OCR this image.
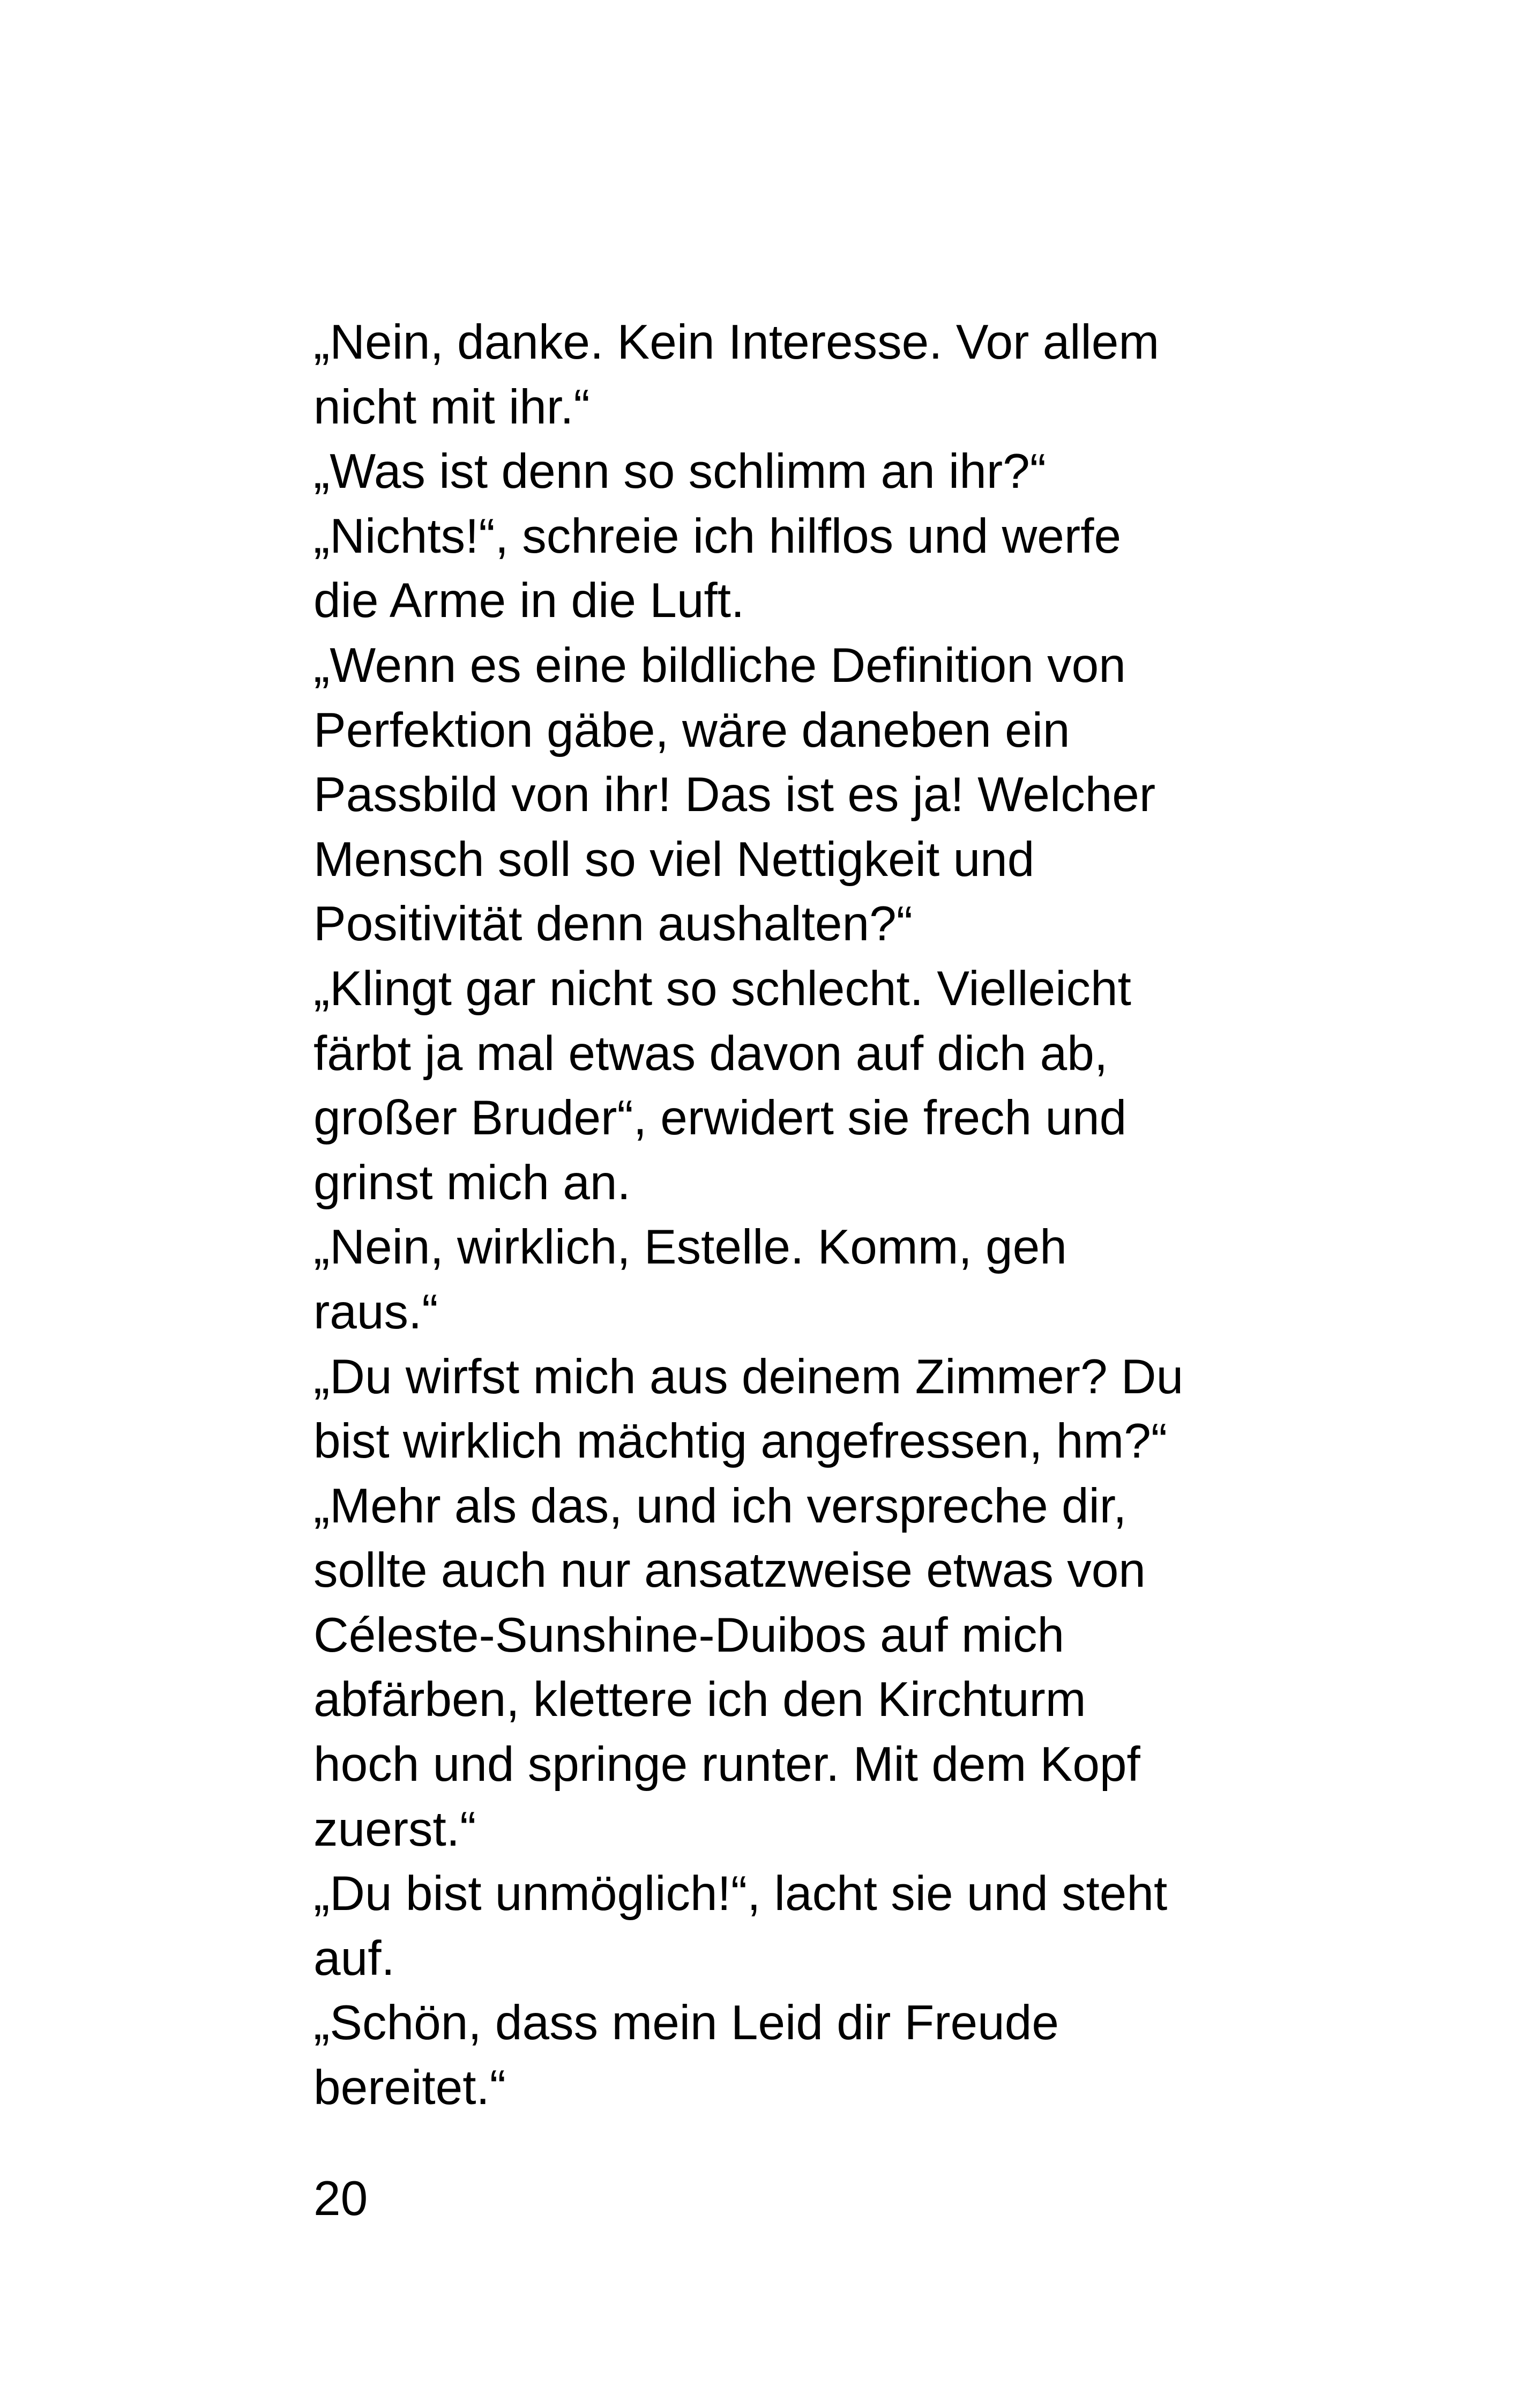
„Nein, danke. Kein Interesse. Vor allem
nicht mit ihr.“
„Was ist denn so schlimm an ihr?“
„Nichts!“, schreie ich hilflos und werfe
die Arme in die Luft.
„Wenn es eine bildliche Definition von
Perfektion gäbe, wäre daneben ein
Passbild von ihr! Das ist es ja! Welcher
Mensch soll so viel Nettigkeit und
Positivität denn aushalten?“
„Klingt gar nicht so schlecht. Vielleicht
färbt ja mal etwas davon auf dich ab,
großer Bruder“, erwidert sie frech und
grinst mich an.
„Nein, wirklich, Estelle. Komm, geh
raus.“
„Du wirfst mich aus deinem Zimmer? Du
bist wirklich mächtig angefressen, hm?“
„Mehr als das, und ich verspreche dir,
sollte auch nur ansatzweise etwas von
Céleste-Sunshine-Duibos auf mich
abfärben, klettere ich den Kirchturm
hoch und springe runter. Mit dem Kopf
zuerst.“
„Du bist unmöglich!“, lacht sie und steht
auf.
„Schön, dass mein Leid dir Freude
bereitet.“
20
